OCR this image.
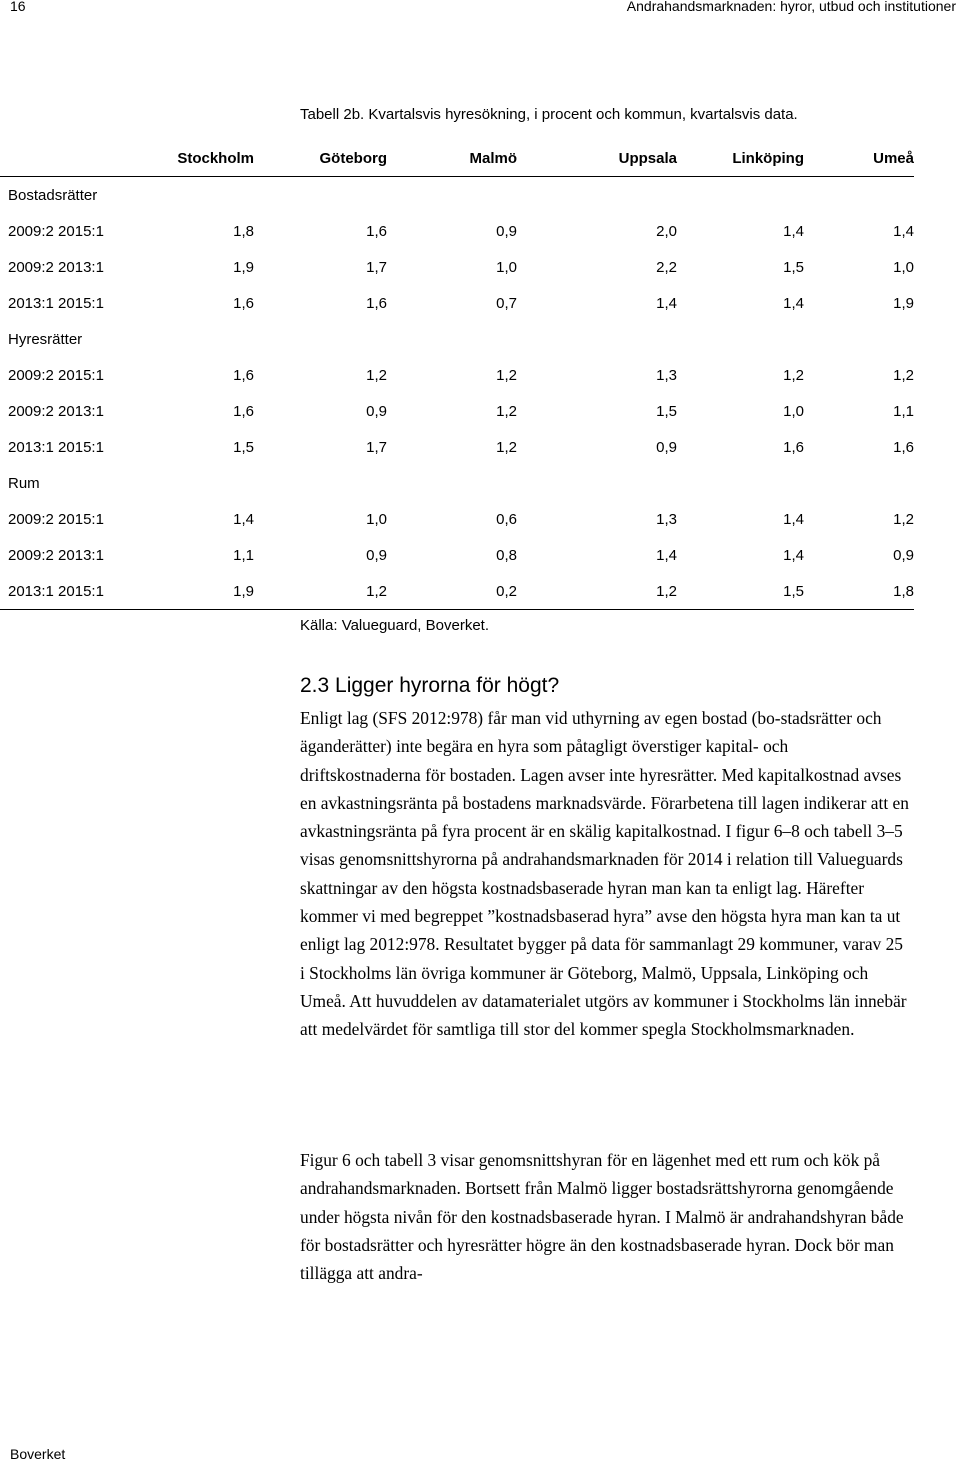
16	Andrahandsmarknaden: hyror, utbud och institutioner
Tabell 2b. Kvartalsvis hyresökning, i procent och kommun, kvartalsvis data.
	Stockholm	Göteborg	Malmö	Uppsala	Linköping	Umeå
Bostadsrätter						
2009:2 2015:1	1,8	1,6	0,9	2,0	1,4	1,4
2009:2 2013:1	1,9	1,7	1,0	2,2	1,5	1,0
2013:1 2015:1	1,6	1,6	0,7	1,4	1,4	1,9
Hyresrätter						
2009:2 2015:1	1,6	1,2	1,2	1,3	1,2	1,2
2009:2 2013:1	1,6	0,9	1,2	1,5	1,0	1,1
2013:1 2015:1	1,5	1,7	1,2	0,9	1,6	1,6
Rum						
2009:2 2015:1	1,4	1,0	0,6	1,3	1,4	1,2
2009:2 2013:1	1,1	0,9	0,8	1,4	1,4	0,9
2013:1 2015:1	1,9	1,2	0,2	1,2	1,5	1,8
Källa: Valueguard, Boverket.
2.3 Ligger hyrorna för högt?

Enligt lag (SFS 2012:978) får man vid uthyrning av egen bostad (bo-stadsrätter och äganderätter) inte begära en hyra som påtagligt överstiger kapital- och driftskostnaderna för bostaden. Lagen avser inte hyresrätter. Med kapitalkostnad avses en avkastningsränta på bostadens marknadsvärde. Förarbetena till lagen indikerar att en avkastningsränta på fyra procent är en skälig kapitalkostnad. I figur 6–8 och tabell 3–5 visas genomsnittshyrorna på andrahandsmarknaden för 2014 i relation till Valueguards skattningar av den högsta kostnadsbaserade hyran man kan ta enligt lag. Härefter kommer vi med begreppet ”kostnadsbaserad hyra” avse den högsta hyra man kan ta ut enligt lag 2012:978. Resultatet bygger på data för sammanlagt 29 kommuner, varav 25 i Stockholms län övriga kommuner är Göteborg, Malmö, Uppsala, Linköping och Umeå. Att huvuddelen av datamaterialet utgörs av kommuner i Stockholms län innebär att medelvärdet för samtliga till stor del kommer spegla Stockholmsmarknaden.

Figur 6 och tabell 3 visar genomsnittshyran för en lägenhet med ett rum och kök på andrahandsmarknaden. Bortsett från Malmö ligger bostadsrättshyrorna genomgående under högsta nivån för den kostnadsbaserade hyran. I Malmö är andrahandshyran både för bostadsrätter och hyresrätter högre än den kostnadsbaserade hyran. Dock bör man tillägga att andra-

Boverket
